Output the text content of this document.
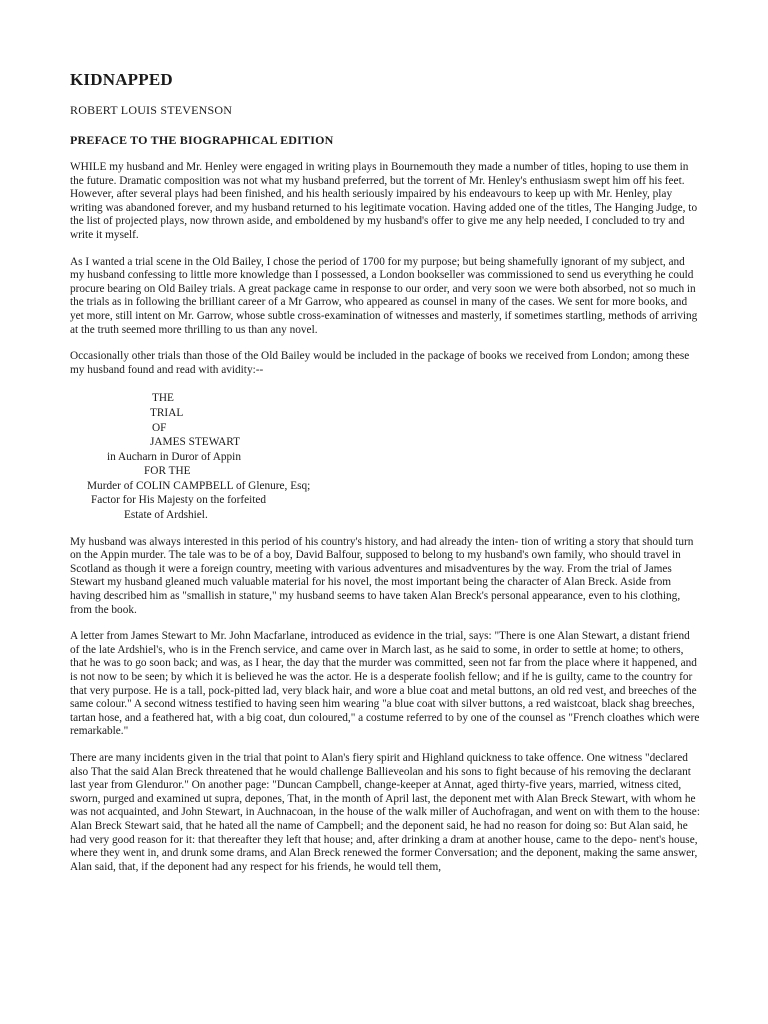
KIDNAPPED
ROBERT LOUIS STEVENSON
PREFACE TO THE BIOGRAPHICAL EDITION

WHILE my husband and Mr. Henley were engaged in writing plays in Bournemouth they made a number of titles, hoping to use them in the future. Dramatic composition was not what my husband preferred, but the torrent of Mr. Henley's enthusiasm swept him off his feet. However, after several plays had been finished, and his health seriously impaired by his endeavours to keep up with Mr. Henley, play writing was abandoned forever, and my husband returned to his legitimate vocation. Having added one of the titles, The Hanging Judge, to the list of projected plays, now thrown aside, and emboldened by my husband's offer to give me any help needed, I concluded to try and write it myself.

As I wanted a trial scene in the Old Bailey, I chose the period of 1700 for my purpose; but being shamefully ignorant of my subject, and my husband confessing to little more knowledge than I possessed, a London bookseller was commissioned to send us everything he could procure bearing on Old Bailey trials. A great package came in response to our order, and very soon we were both absorbed, not so much in the trials as in following the brilliant career of a Mr Garrow, who appeared as counsel in many of the cases. We sent for more books, and yet more, still intent on Mr. Garrow, whose subtle cross-examination of witnesses and masterly, if sometimes startling, methods of arriving at the truth seemed more thrilling to us than any novel.

Occasionally other trials than those of the Old Bailey would be included in the package of books we received from London; among these my husband found and read with avidity:--

THE
TRIAL
OF
JAMES STEWART
in Aucharn in Duror of Appin
FOR THE
Murder of COLIN CAMPBELL of Glenure, Esq;
Factor for His Majesty on the forfeited
Estate of Ardshiel.

My husband was always interested in this period of his country's history, and had already the inten- tion of writing a story that should turn on the Appin murder. The tale was to be of a boy, David Balfour, supposed to belong to my husband's own family, who should travel in Scotland as though it were a foreign country, meeting with various adventures and misadventures by the way. From the trial of James Stewart my husband gleaned much valuable material for his novel, the most important being the character of Alan Breck. Aside from having described him as "smallish in stature," my husband seems to have taken Alan Breck's personal appearance, even to his clothing, from the book.

A letter from James Stewart to Mr. John Macfarlane, introduced as evidence in the trial, says: "There is one Alan Stewart, a distant friend of the late Ardshiel's, who is in the French service, and came over in March last, as he said to some, in order to settle at home; to others, that he was to go soon back; and was, as I hear, the day that the murder was committed, seen not far from the place where it happened, and is not now to be seen; by which it is believed he was the actor. He is a desperate foolish fellow; and if he is guilty, came to the country for that very purpose. He is a tall, pock-pitted lad, very black hair, and wore a blue coat and metal buttons, an old red vest, and breeches of the same colour." A second witness testified to having seen him wearing "a blue coat with silver buttons, a red waistcoat, black shag breeches, tartan hose, and a feathered hat, with a big coat, dun coloured," a costume referred to by one of the counsel as "French cloathes which were remarkable."

There are many incidents given in the trial that point to Alan's fiery spirit and Highland quickness to take offence. One witness "declared also That the said Alan Breck threatened that he would challenge Ballieveolan and his sons to fight because of his removing the declarant last year from Glenduror." On another page: "Duncan Campbell, change-keeper at Annat, aged thirty-five years, married, witness cited, sworn, purged and examined ut supra, depones, That, in the month of April last, the deponent met with Alan Breck Stewart, with whom he was not acquainted, and John Stewart, in Auchnacoan, in the house of the walk miller of Auchofragan, and went on with them to the house: Alan Breck Stewart said, that he hated all the name of Campbell; and the deponent said, he had no reason for doing so: But Alan said, he had very good reason for it: that thereafter they left that house; and, after drinking a dram at another house, came to the depo- nent's house, where they went in, and drunk some drams, and Alan Breck renewed the former Conversation; and the deponent, making the same answer, Alan said, that, if the deponent had any respect for his friends, he would tell them,
